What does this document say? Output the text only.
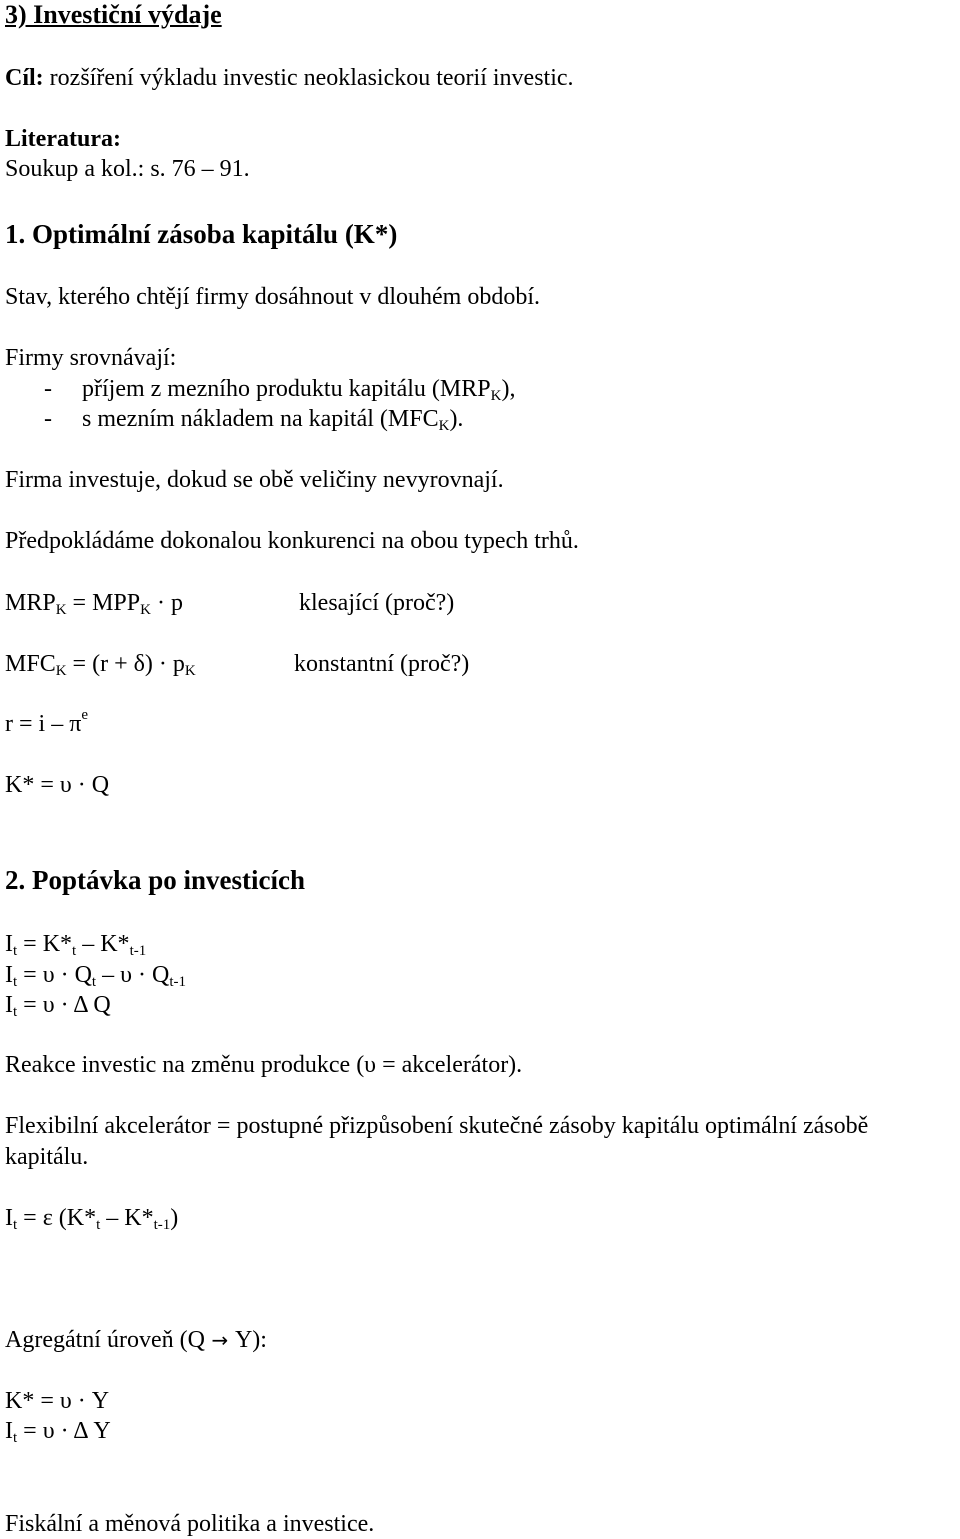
3) Investiční výdaje
Cíl: rozšíření výkladu investic neoklasickou teorií investic.
Literatura:
Soukup a kol.: s. 76 – 91.
1. Optimální zásoba kapitálu (K*)
Stav, kterého chtějí firmy dosáhnout v dlouhém období.
Firmy srovnávají:
- příjem z mezního produktu kapitálu $(MRP_K)$,
- s mezním nákladem na kapitál $(MFC_K)$.
Firma investuje, dokud se obě veličiny nevyrovnají.
Předpokládáme dokonalou konkurenci na obou typech trhů.
$MRP_K = MPP_K \cdot p$	klesající (proč?)
$MFC_K = (r + \delta) \cdot p_K$	konstantní (proč?)
$r = i - \pi^e$
K* = υ · Q
2. Poptávka po investicích
$I_t = K*_t - K*_{t-1}$
$I_t = \upsilon \cdot Q_t - \upsilon \cdot Q_{t-1}$
$I_t = \upsilon \cdot \Delta$ Q
Reakce investic na změnu produkce (υ = akcelerátor).
Flexibilní akcelerátor = postupné přizpůsobení skutečné zásoby kapitálu optimální zásobě
kapitálu.
$I_t = \varepsilon$ $(K*_t - K*_{t-1})$
Agregátní úroveň (Q → Y):
K* = υ · Y
$I_t = \upsilon \cdot \Delta$ Y
Fiskální a měnová politika a investice.
